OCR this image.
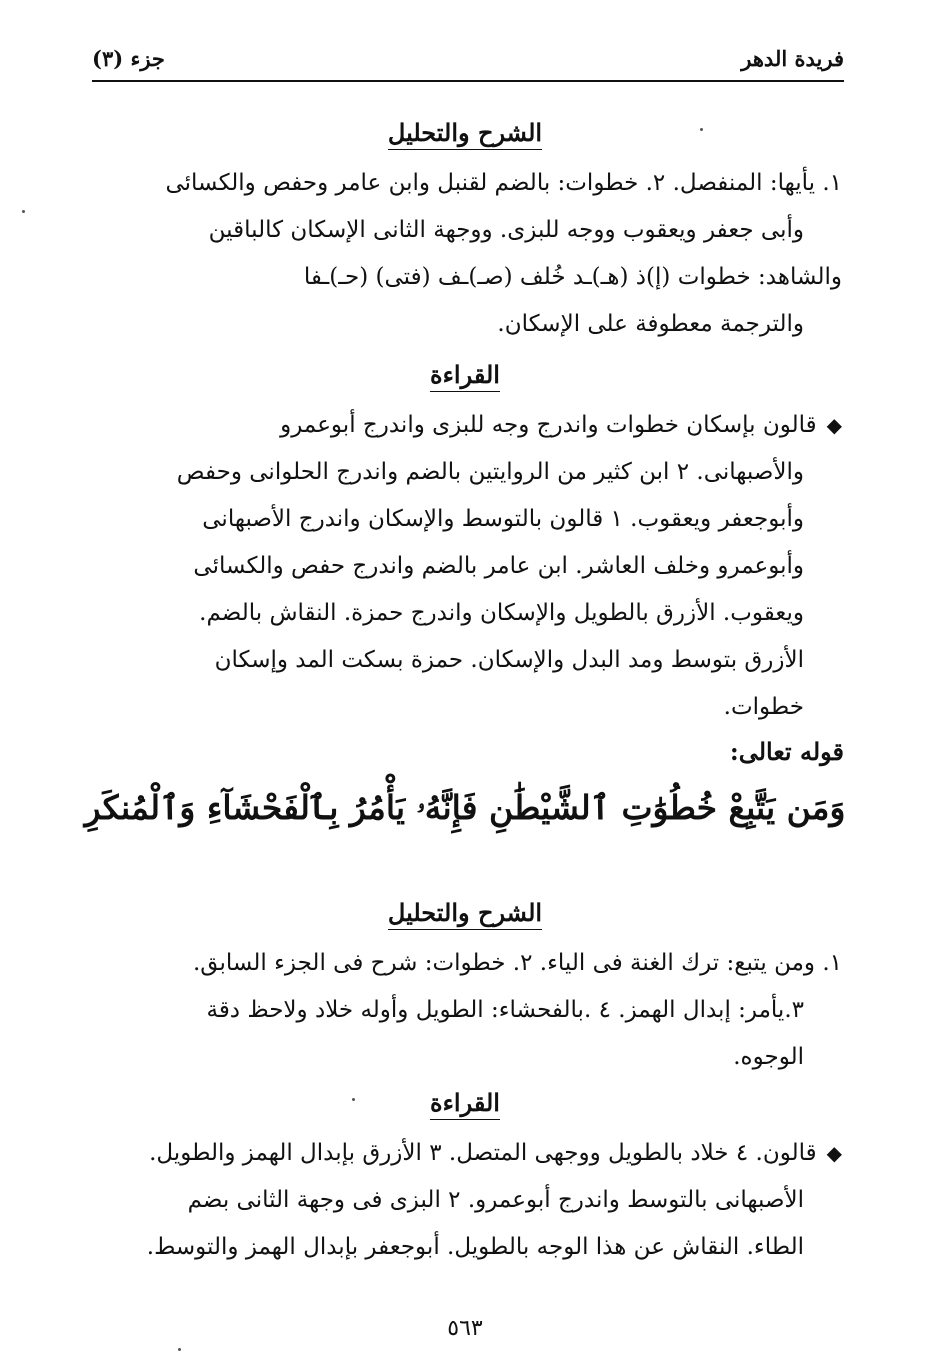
فريدة الدهر
جزء (٣)
الشرح والتحليل

١. يأيها: المنفصل. ٢. خطوات: بالضم لقنبل وابن عامر وحفص والكسائى

وأبى جعفر ويعقوب ووجه للبزى. ووجهة الثانى الإسكان كالباقين

والشاهد: خطوات (إ)ذ (هـ)ـد خُلف (صـ)ـف (فتى) (حـ)ـفا

والترجمة معطوفة على الإسكان.

القراءة

◆قالون بإسكان خطوات واندرج وجه للبزى واندرج أبوعمرو

والأصبهانى. ٢ ابن كثير من الروايتين بالضم واندرج الحلوانى وحفص

وأبوجعفر ويعقوب. ١ قالون بالتوسط والإسكان واندرج الأصبهانى

وأبوعمرو وخلف العاشر. ابن عامر بالضم واندرج حفص والكسائى

ويعقوب. الأزرق بالطويل والإسكان واندرج حمزة. النقاش بالضم.

الأزرق بتوسط ومد البدل والإسكان. حمزة بسكت المد وإسكان

خطوات.

قوله تعالى:
وَمَن يَتَّبِعْ خُطُوَٰتِ ٱلشَّيْطَٰنِ فَإِنَّهُۥ يَأْمُرُ بِٱلْفَحْشَآءِ وَٱلْمُنكَرِ
الشرح والتحليل

١. ومن يتبع: ترك الغنة فى الياء. ٢. خطوات: شرح فى الجزء السابق.

٣.يأمر: إبدال الهمز. ٤ .بالفحشاء: الطويل وأوله خلاد ولاحظ دقة

الوجوه.

القراءة

◆قالون. ٤ خلاد بالطويل ووجهى المتصل. ٣ الأزرق بإبدال الهمز والطويل.

الأصبهانى بالتوسط واندرج أبوعمرو. ٢ البزى فى وجهة الثانى بضم

الطاء. النقاش عن هذا الوجه بالطويل. أبوجعفر بإبدال الهمز والتوسط.

٥٦٣
